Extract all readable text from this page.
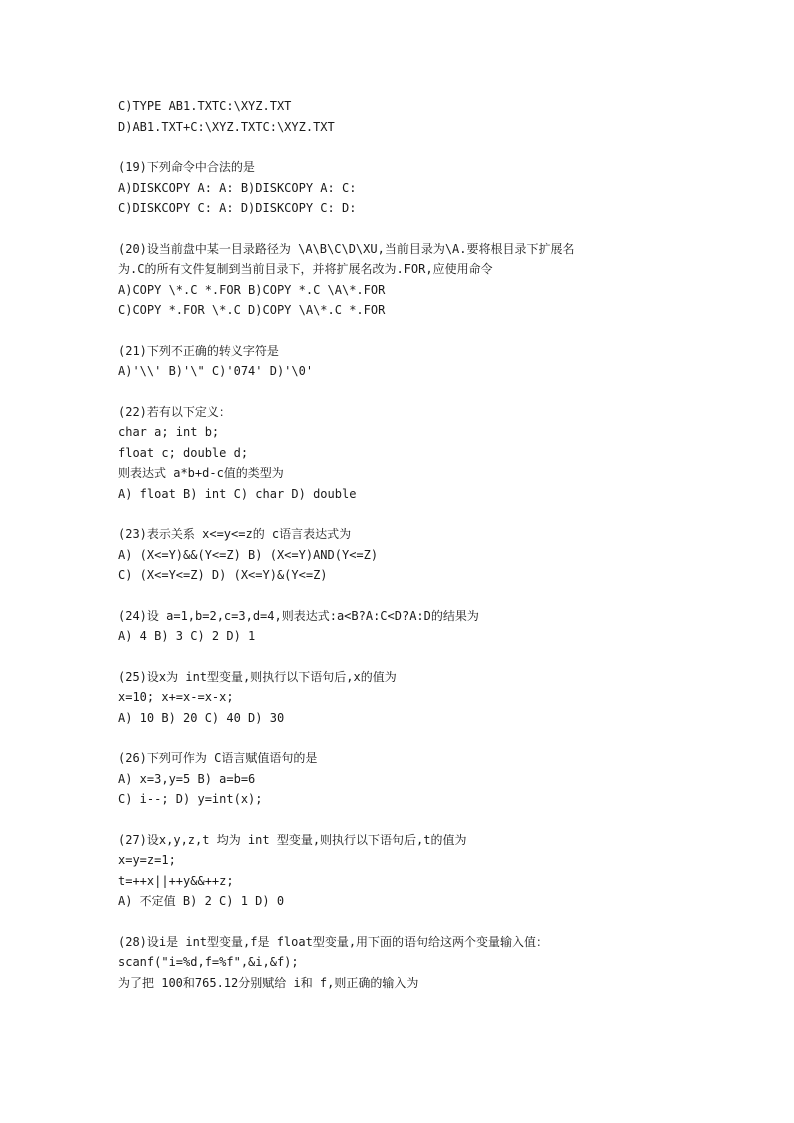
C)TYPE AB1.TXTC:\XYZ.TXT
D)AB1.TXT+C:\XYZ.TXTC:\XYZ.TXT
(19)下列命令中合法的是
A)DISKCOPY A: A: B)DISKCOPY A: C:
C)DISKCOPY C: A: D)DISKCOPY C: D:
(20)设当前盘中某一目录路径为 \A\B\C\D\XU,当前目录为\A.要将根目录下扩展名
为.C的所有文件复制到当前目录下，并将扩展名改为.FOR,应使用命令
A)COPY \*.C *.FOR B)COPY *.C \A\*.FOR
C)COPY *.FOR \*.C D)COPY \A\*.C *.FOR
(21)下列不正确的转义字符是
A)'\\' B)'\" C)'074' D)'\0'
(22)若有以下定义：
char a; int b;
float c; double d;
则表达式 a*b+d-c值的类型为
A) float B) int C) char D) double
(23)表示关系 x<=y<=z的 c语言表达式为
A) (X<=Y)&&(Y<=Z) B) (X<=Y)AND(Y<=Z)
C) (X<=Y<=Z) D) (X<=Y)&(Y<=Z)
(24)设 a=1,b=2,c=3,d=4,则表达式:a<B?A:C<D?A:D的结果为
A) 4 B) 3 C) 2 D) 1
(25)设x为 int型变量,则执行以下语句后,x的值为
x=10; x+=x-=x-x;
A) 10 B) 20 C) 40 D) 30
(26)下列可作为 C语言赋值语句的是
A) x=3,y=5 B) a=b=6
C) i--; D) y=int(x);
(27)设x,y,z,t 均为 int 型变量,则执行以下语句后,t的值为
x=y=z=1;
t=++x||++y&&++z;
A) 不定值 B) 2 C) 1 D) 0
(28)设i是 int型变量,f是 float型变量,用下面的语句给这两个变量输入值：
scanf("i=%d,f=%f",&i,&f);
为了把 100和765.12分别赋给 i和 f,则正确的输入为
